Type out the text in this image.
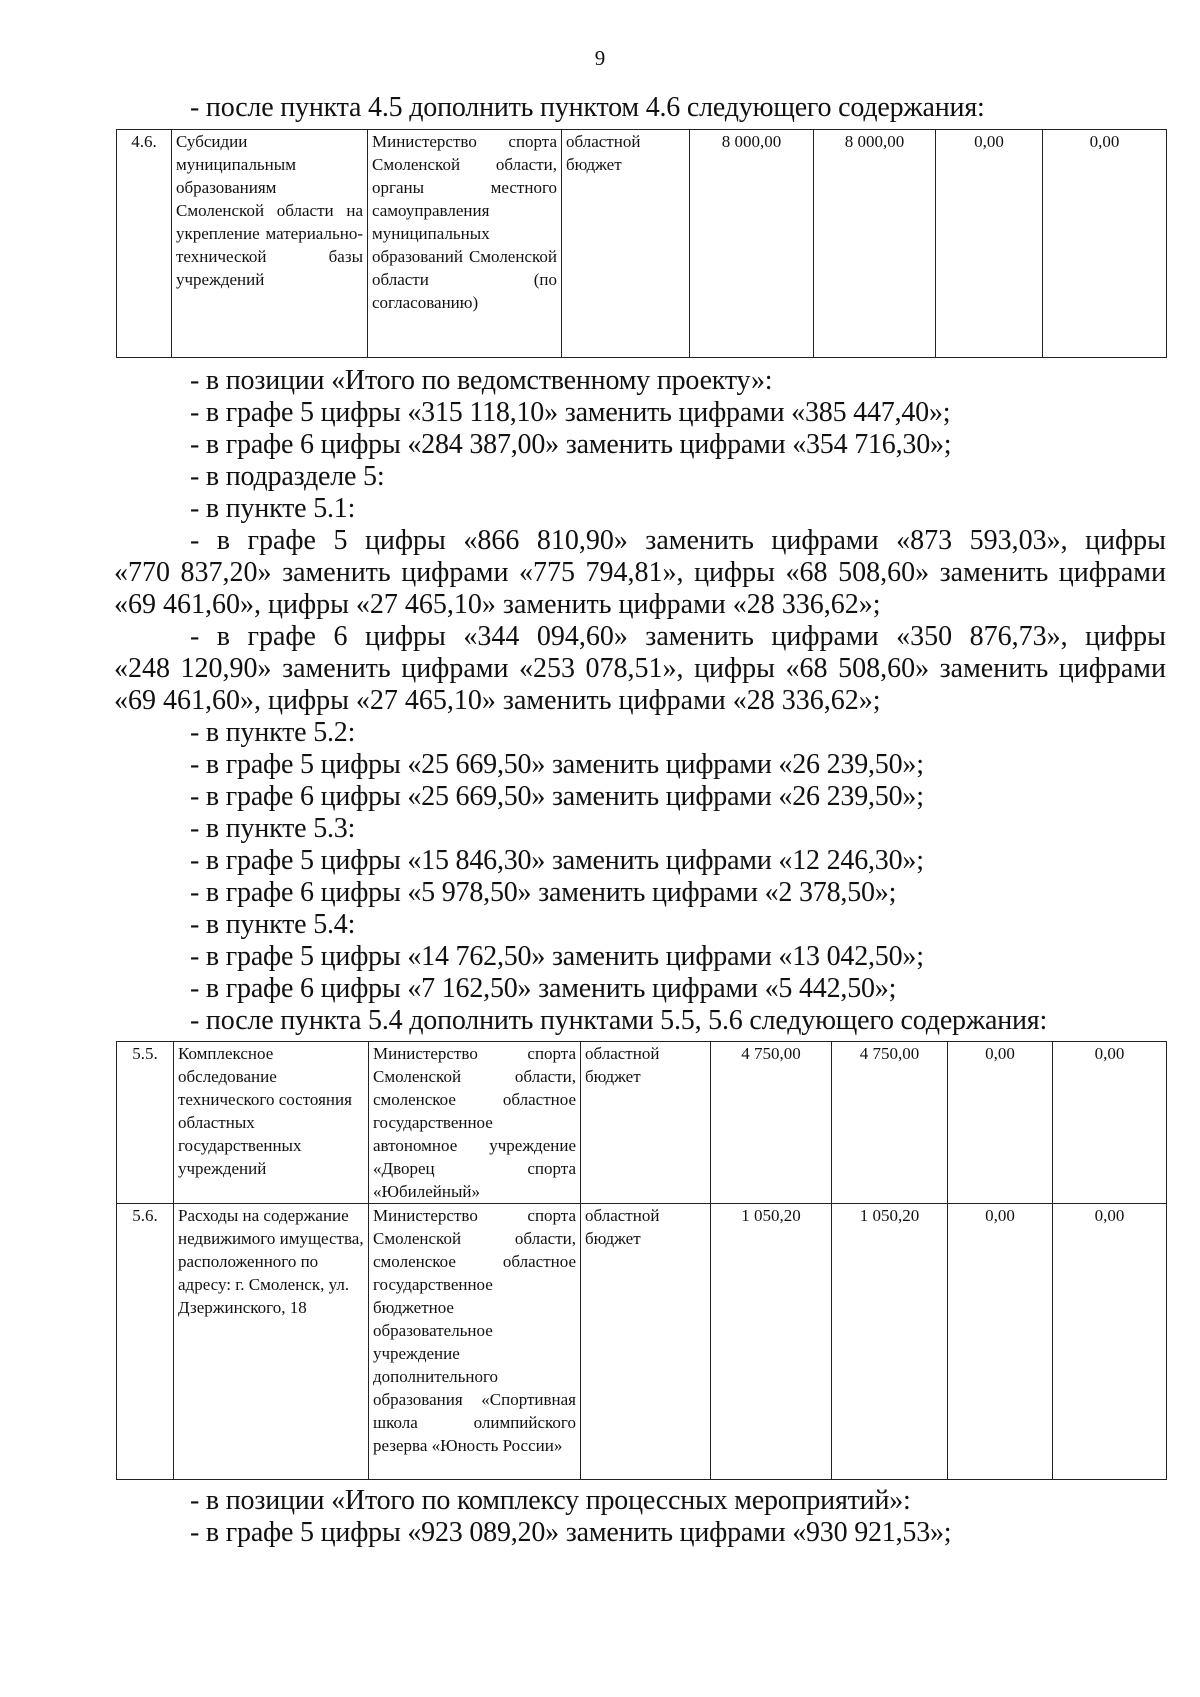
9
- после пункта 4.5 дополнить пунктом 4.6 следующего содержания:
4.6.	Субсидии муниципальным образованиям Смоленской области на укрепление материально-технической базы учреждений	Министерство спорта Смоленской области, органы местного самоуправления муниципальных образований Смоленской области (по согласованию)	областной бюджет	8 000,00	8 000,00	0,00	0,00
- в позиции «Итого по ведомственному проекту»:
- в графе 5 цифры «315 118,10» заменить цифрами «385 447,40»;
- в графе 6 цифры «284 387,00» заменить цифрами «354 716,30»;
- в подразделе 5:
- в пункте 5.1:
- в графе 5 цифры «866 810,90» заменить цифрами «873 593,03», цифры
«770 837,20» заменить цифрами «775 794,81», цифры «68 508,60» заменить цифрами
«69 461,60», цифры «27 465,10» заменить цифрами «28 336,62»;
- в графе 6 цифры «344 094,60» заменить цифрами «350 876,73», цифры
«248 120,90» заменить цифрами «253 078,51», цифры «68 508,60» заменить цифрами
«69 461,60», цифры «27 465,10» заменить цифрами «28 336,62»;
- в пункте 5.2:
- в графе 5 цифры «25 669,50» заменить цифрами «26 239,50»;
- в графе 6 цифры «25 669,50» заменить цифрами «26 239,50»;
- в пункте 5.3:
- в графе 5 цифры «15 846,30» заменить цифрами «12 246,30»;
- в графе 6 цифры «5 978,50» заменить цифрами «2 378,50»;
- в пункте 5.4:
- в графе 5 цифры «14 762,50» заменить цифрами «13 042,50»;
- в графе 6 цифры «7 162,50» заменить цифрами «5 442,50»;
- после пункта 5.4 дополнить пунктами 5.5, 5.6 следующего содержания:
5.5.	Комплексное обследование технического состояния областных государственных учреждений	Министерство спорта Смоленской области, смоленское областное государственное автономное учреждение «Дворец спорта «Юбилейный»	областной бюджет	4 750,00	4 750,00	0,00	0,00
5.6.	Расходы на содержание недвижимого имущества, расположенного по адресу: г. Смоленск, ул. Дзержинского, 18	Министерство спорта Смоленской области, смоленское областное государственное бюджетное образовательное учреждение дополнительного образования «Спортивная школа олимпийского резерва «Юность России»	областной бюджет	1 050,20	1 050,20	0,00	0,00
- в позиции «Итого по комплексу процессных мероприятий»:
- в графе 5 цифры «923 089,20» заменить цифрами «930 921,53»;
